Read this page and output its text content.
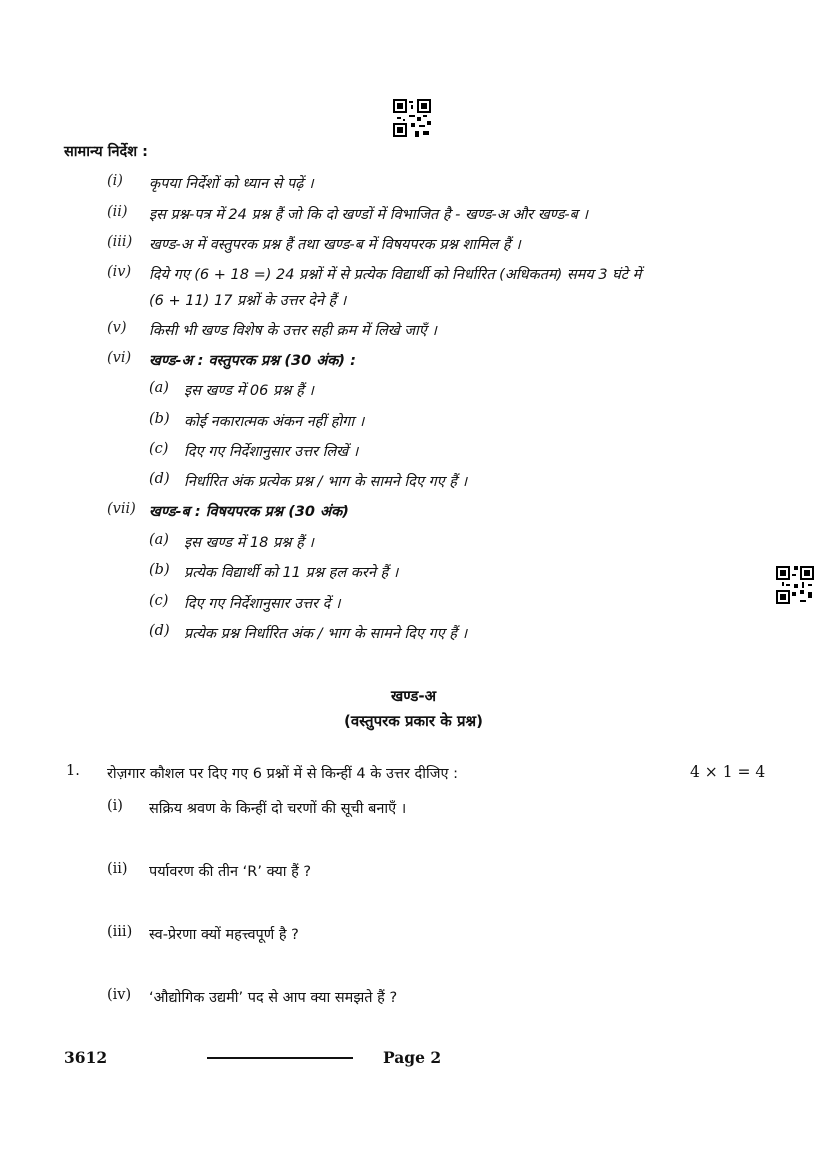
सामान्य निर्देश :
(i) कृपया निर्देशों को ध्यान से पढ़ें ।
(ii) इस प्रश्न-पत्र में 24 प्रश्न हैं जो कि दो खण्डों में विभाजित है - खण्ड-अ और खण्ड-ब ।
(iii) खण्ड-अ में वस्तुपरक प्रश्न हैं तथा खण्ड-ब में विषयपरक प्रश्न शामिल हैं ।
(iv) दिये गए (6 + 18 =) 24 प्रश्नों में से प्रत्येक विद्यार्थी को निर्धारित (अधिकतम) समय 3 घंटे में
(6 + 11) 17 प्रश्नों के उत्तर देने हैं ।
(v) किसी भी खण्ड विशेष के उत्तर सही क्रम में लिखे जाएँ ।
(vi) खण्ड-अ : वस्तुपरक प्रश्न (30 अंक) :
(a) इस खण्ड में 06 प्रश्न हैं ।
(b) कोई नकारात्मक अंकन नहीं होगा ।
(c) दिए गए निर्देशानुसार उत्तर लिखें ।
(d) निर्धारित अंक प्रत्येक प्रश्न / भाग के सामने दिए गए हैं ।
(vii) खण्ड-ब : विषयपरक प्रश्न (30 अंक)
(a) इस खण्ड में 18 प्रश्न हैं ।
(b) प्रत्येक विद्यार्थी को 11 प्रश्न हल करने हैं ।
(c) दिए गए निर्देशानुसार उत्तर दें ।
(d) प्रत्येक प्रश्न निर्धारित अंक / भाग के सामने दिए गए हैं ।
खण्ड-अ
(वस्तुपरक प्रकार के प्रश्न)
1. रोज़गार कौशल पर दिए गए 6 प्रश्नों में से किन्हीं 4 के उत्तर दीजिए :	4 × 1 = 4
(i) सक्रिय श्रवण के किन्हीं दो चरणों की सूची बनाएँ ।
(ii) पर्यावरण की तीन ‘R’ क्या हैं ?
(iii) स्व-प्रेरणा क्यों महत्त्वपूर्ण है ?
(iv) ‘औद्योगिक उद्यमी’ पद से आप क्या समझते हैं ?
3612	Page 2
